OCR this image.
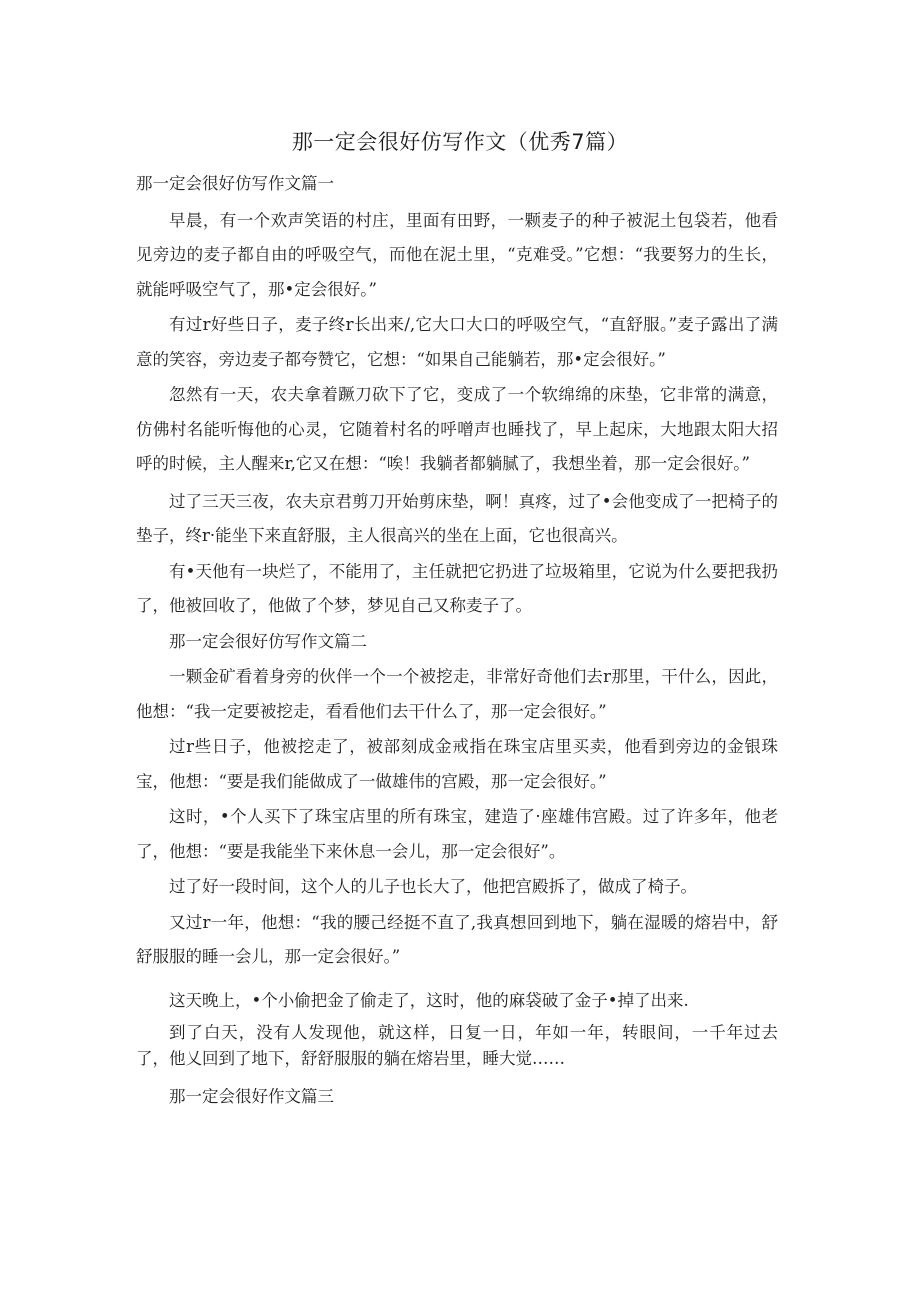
那一定会很好仿写作文（优秀7篇）

那一定会很好仿写作文篇一

早晨，有一个欢声笑语的村庄，里面有田野，一颗麦子的种子被泥土包袋若，他看见旁边的麦子都自由的呼吸空气，而他在泥土里，“克难受。”它想：“我要努力的生长，就能呼吸空气了，那•定会很好。”

有过r好些日子，麦子终r长出来/,它大口大口的呼吸空气，“直舒服。”麦子露出了满意的笑容，旁边麦子都夸赞它，它想：“如果自己能躺若，那•定会很好。”

忽然有一天，农夫拿着蹶刀砍下了它，变成了一个软绵绵的床垫，它非常的满意，仿佛村名能听悔他的心灵，它随着村名的呼噌声也睡找了，早上起床，大地跟太阳大招呼的时候，主人醒来r,它又在想：“唉！我躺者都躺腻了，我想坐着，那一定会很好。”

过了三天三夜，农夫京君剪刀开始剪床垫，啊！真疼，过了•会他变成了一把椅子的垫子，终r·能坐下来直舒服，主人很高兴的坐在上面，它也很高兴。

有•天他有一块烂了，不能用了，主任就把它扔进了垃圾箱里，它说为什么要把我扔了，他被回收了，他做了个梦，梦见自己又称麦子了。

那一定会很好仿写作文篇二

一颗金矿看着身旁的伙伴一个一个被挖走，非常好奇他们去r那里，干什么，因此，他想：“我一定要被挖走，看看他们去干什么了，那一定会很好。”

过r些日子，他被挖走了，被部刻成金戒指在珠宝店里买卖，他看到旁边的金银珠宝，他想：“要是我们能做成了一做雄伟的宫殿，那一定会很好。”

这时，•个人买下了珠宝店里的所有珠宝，建造了·座雄伟宫殿。过了许多年，他老了，他想：“要是我能坐下来休息一会儿，那一定会很好”。

过了好一段时间，这个人的儿子也长大了，他把宫殿拆了，做成了椅子。

又过r一年，他想：“我的腰己经挺不直了,我真想回到地下，躺在湿暖的熔岩中，舒舒服服的睡一会儿，那一定会很好。”

这天晚上，•个小偷把金了偷走了，这时，他的麻袋破了金子•掉了出来.

到了白天，没有人发现他，就这样，日复一日，年如一年，转眼间，一千年过去了，他乂回到了地下，舒舒服服的躺在熔岩里，睡大觉……

那一定会很好作文篇三
